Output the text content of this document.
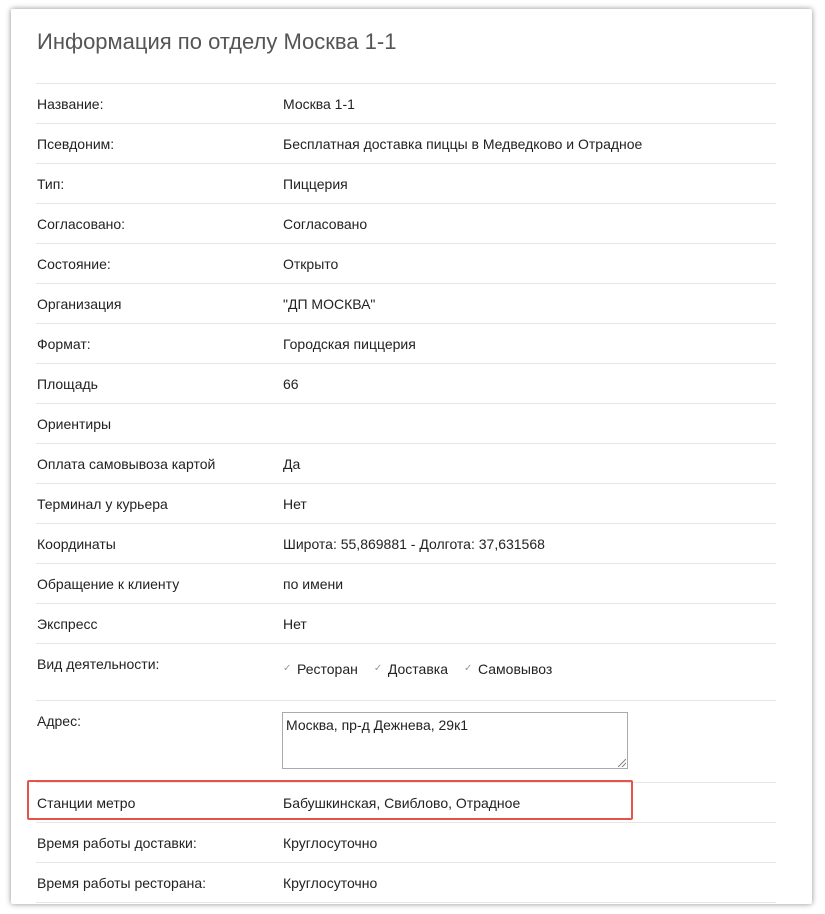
Информация по отделу Москва 1-1
Название:	Москва 1-1
Псевдоним:	Бесплатная доставка пиццы в Медведково и Отрадное
Тип:	Пиццерия
Согласовано:	Согласовано
Состояние:	Открыто
Организация	"ДП МОСКВА"
Формат:	Городская пиццерия
Площадь	66
Ориентиры
Оплата самовывоза картой	Да
Терминал у курьера	Нет
Координаты	Широта: 55,869881 - Долгота: 37,631568
Обращение к клиенту	по имени
Экспресс	Нет
Вид деятельности:	✓ Ресторан ✓ Доставка ✓ Самовывоз
Адрес:	Москва, пр-д Дежнева, 29к1
Станции метро	Бабушкинская, Свиблово, Отрадное
Время работы доставки:	Круглосуточно
Время работы ресторана:	Круглосуточно
